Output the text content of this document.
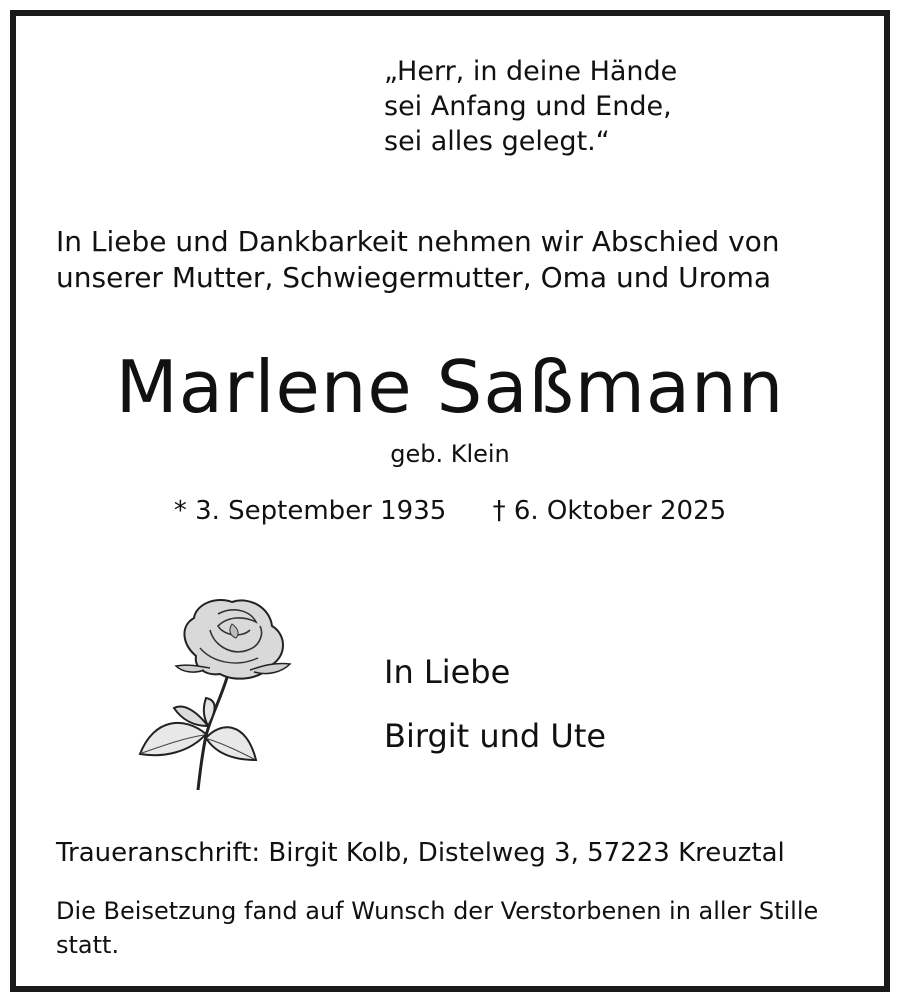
„Herr, in deine Hände
sei Anfang und Ende,
sei alles gelegt.“
In Liebe und Dankbarkeit nehmen wir Abschied von
unserer Mutter, Schwiegermutter, Oma und Uroma
Marlene Saßmann
geb. Klein
* 3. September 1935 † 6. Oktober 2025
In Liebe
Birgit und Ute
Traueranschrift: Birgit Kolb, Distelweg 3, 57223 Kreuztal
Die Beisetzung fand auf Wunsch der Verstorbenen in aller Stille statt.
